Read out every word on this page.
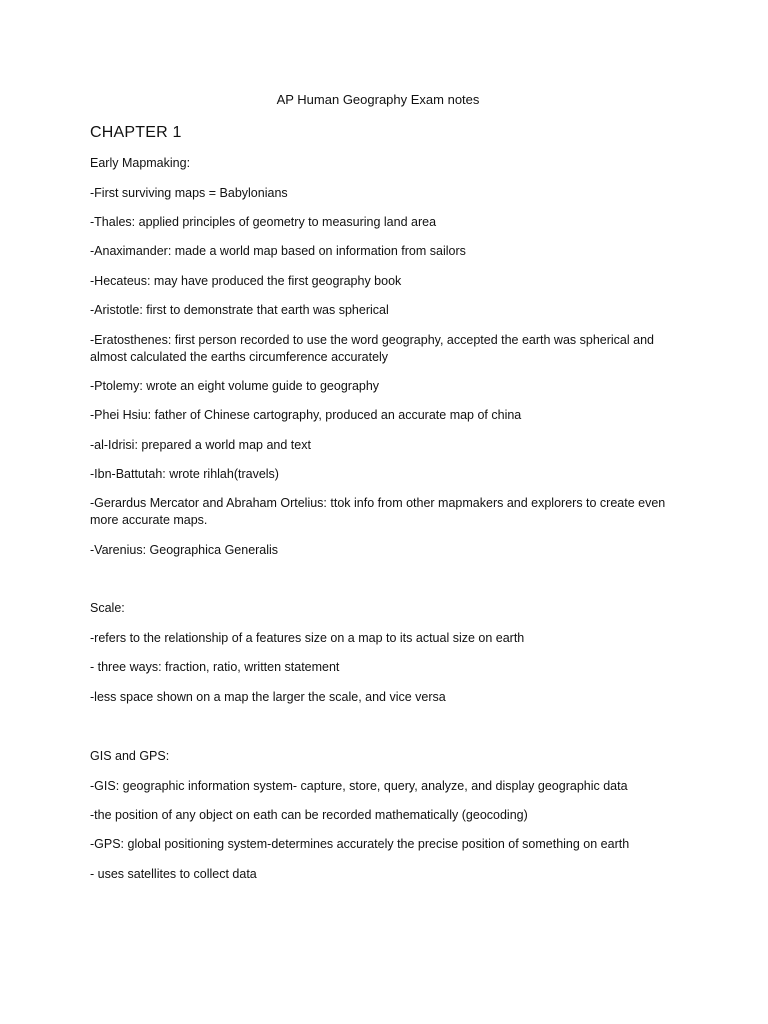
AP Human Geography Exam notes
CHAPTER 1
Early Mapmaking:
-First surviving maps = Babylonians
-Thales: applied principles of geometry to measuring land area
-Anaximander: made a world map based on information from sailors
-Hecateus: may have produced the first geography book
-Aristotle: first to demonstrate that earth was spherical
-Eratosthenes: first person recorded to use the word geography, accepted the earth was spherical and almost calculated the earths circumference accurately
-Ptolemy: wrote an eight volume guide to geography
-Phei Hsiu: father of Chinese cartography, produced an accurate map of china
-al-Idrisi: prepared a world map and text
-Ibn-Battutah: wrote rihlah(travels)
-Gerardus Mercator and Abraham Ortelius: ttok info from other mapmakers and explorers to create even more accurate maps.
-Varenius: Geographica Generalis
Scale:
-refers to the relationship of a features size on a map to its actual size on earth
- three ways: fraction, ratio, written statement
-less space shown on a map the larger the scale, and vice versa
GIS and GPS:
-GIS: geographic information system- capture, store, query, analyze, and display geographic data
-the position of any object on eath can be recorded mathematically (geocoding)
-GPS: global positioning system-determines accurately the precise position of something on earth
- uses satellites to collect data
